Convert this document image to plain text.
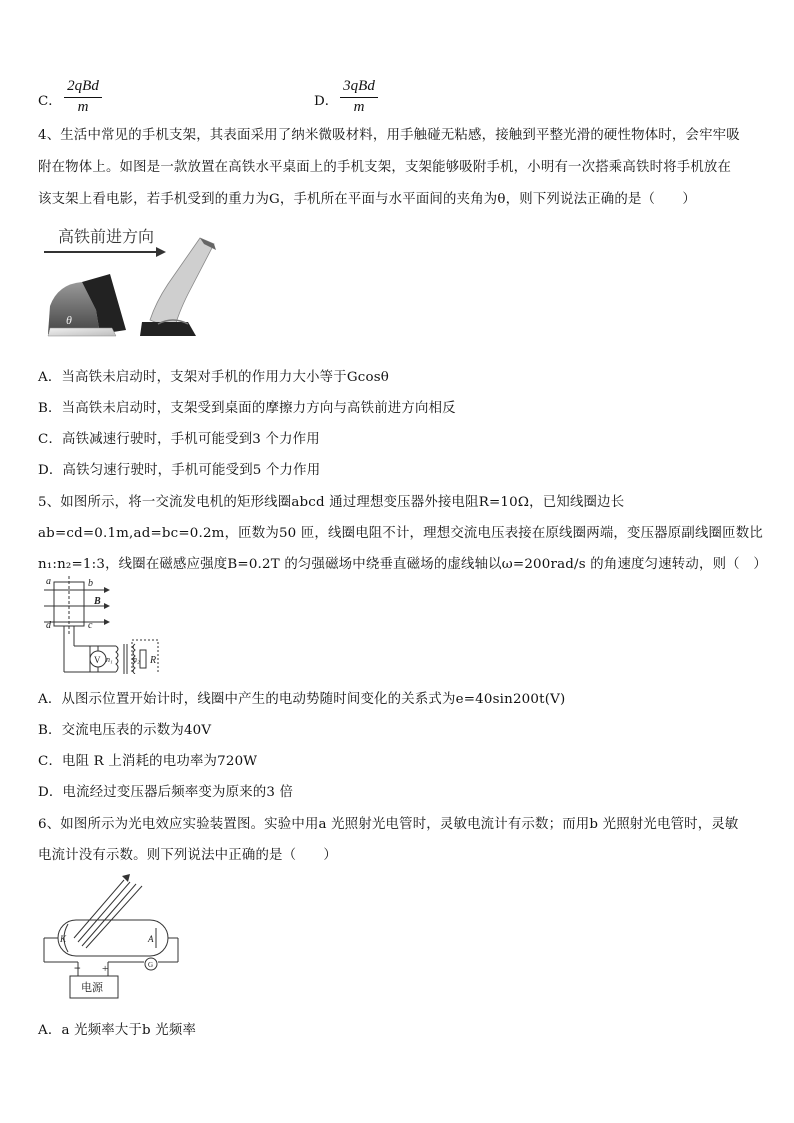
C．
2qBd
m	D．
3qBd
m
4、生活中常见的手机支架，其表面采用了纳米微吸材料，用手触碰无粘感，接触到平整光滑的硬性物体时，会牢牢吸
附在物体上。如图是一款放置在高铁水平桌面上的手机支架，支架能够吸附手机，小明有一次搭乘高铁时将手机放在
该支架上看电影，若手机受到的重力为G，手机所在平面与水平面间的夹角为θ，则下列说法正确的是（　　）
高铁前进方向
θ
A．当高铁未启动时，支架对手机的作用力大小等于Gcosθ
B．当高铁未启动时，支架受到桌面的摩擦力方向与高铁前进方向相反
C．高铁减速行驶时，手机可能受到3 个力作用
D．高铁匀速行驶时，手机可能受到5 个力作用
5、如图所示，将一交流发电机的矩形线圈abcd 通过理想变压器外接电阻R=10Ω，已知线圈边长
ab=cd=0.1m,ad=bc=0.2m，匝数为50 匝，线圈电阻不计，理想交流电压表接在原线圈两端，变压器原副线圈匝数比
n₁:n₂=1:3，线圈在磁感应强度B=0.2T 的匀强磁场中绕垂直磁场的虚线轴以ω=200rad/s 的角速度匀速转动，则（　）
a	b
B
d	c
V n₁	n₂ R
A．从图示位置开始计时，线圈中产生的电动势随时间变化的关系式为e=40sin200t(V)
B．交流电压表的示数为40V
C．电阻 R 上消耗的电功率为720W
D．电流经过变压器后频率变为原来的3 倍
6、如图所示为光电效应实验装置图。实验中用a 光照射光电管时，灵敏电流计有示数；而用b 光照射光电管时，灵敏
电流计没有示数。则下列说法中正确的是（　　）
K	A
G
− +
电源
A．a 光频率大于b 光频率
